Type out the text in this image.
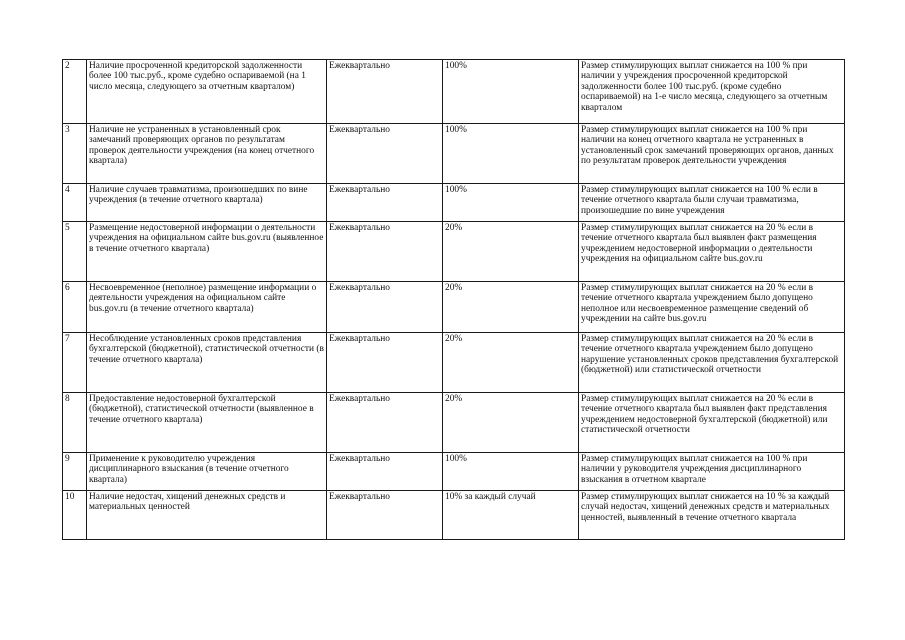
2	Наличие просроченной кредиторской задолженности более 100 тыс.руб., кроме судебно оспариваемой (на 1 число месяца, следующего за отчетным кварталом)	Ежеквартально	100%	Размер стимулирующих выплат снижается на 100 % при наличии у учреждения просроченной кредиторской задолженности более 100 тыс.руб. (кроме судебно оспариваемой) на 1-е число месяца, следующего за отчетным кварталом
3	Наличие не устраненных в установленный срок замечаний проверяющих органов по результатам проверок деятельности учреждения (на конец отчетного квартала)	Ежеквартально	100%	Размер стимулирующих выплат снижается на 100 % при наличии на конец отчетного квартала не устраненных в установленный срок замечаний проверяющих органов, данных по результатам проверок деятельности учреждения
4	Наличие случаев травматизма, произошедших по вине учреждения (в течение отчетного квартала)	Ежеквартально	100%	Размер стимулирующих выплат снижается на 100 % если в течение отчетного квартала были случаи травматизма, произошедшие по вине учреждения
5	Размещение недостоверной информации о деятельности учреждения на официальном сайте bus.gov.ru (выявленное в течение отчетного квартала)	Ежеквартально	20%	Размер стимулирующих выплат снижается на 20 % если в течение отчетного квартала был выявлен факт размещения учреждением недостоверной информации о деятельности учреждения на официальном сайте bus.gov.ru
6	Несвоевременное (неполное) размещение информации о деятельности учреждения на официальном сайте bus.gov.ru (в течение отчетного квартала)	Ежеквартально	20%	Размер стимулирующих выплат снижается на 20 % если в течение отчетного квартала учреждением было допущено неполное или несвоевременное размещение сведений об учреждении на сайте bus.gov.ru
7	Несоблюдение установленных сроков представления бухгалтерской (бюджетной), статистической отчетности (в течение отчетного квартала)	Ежеквартально	20%	Размер стимулирующих выплат снижается на 20 % если в течение отчетного квартала учреждением было допущено нарушение установленных сроков представления бухгалтерской (бюджетной) или статистической отчетности
8	Предоставление недостоверной бухгалтерской (бюджетной), статистической отчетности (выявленное в течение отчетного квартала)	Ежеквартально	20%	Размер стимулирующих выплат снижается на 20 % если в течение отчетного квартала был выявлен факт представления учреждением недостоверной бухгалтерской (бюджетной) или статистической отчетности
9	Применение к руководителю учреждения дисциплинарного взыскания (в течение отчетного квартала)	Ежеквартально	100%	Размер стимулирующих выплат снижается на 100 % при наличии у руководителя учреждения дисциплинарного взыскания в отчетном квартале
10	Наличие недостач, хищений денежных средств и материальных ценностей	Ежеквартально	10% за каждый случай	Размер стимулирующих выплат снижается на 10 % за каждый случай недостач, хищений денежных средств и материальных ценностей, выявленный в течение отчетного квартала
